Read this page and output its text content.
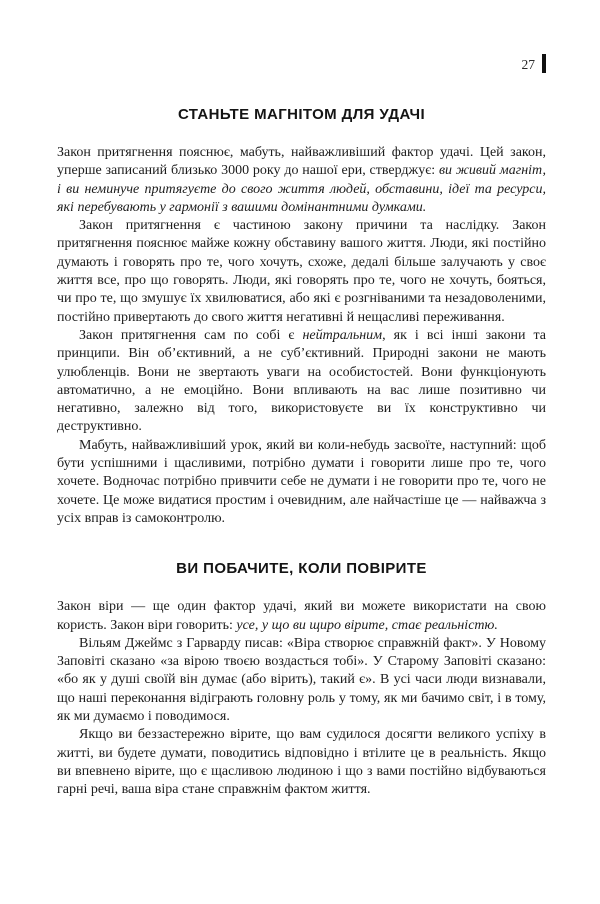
27
СТАНЬТЕ МАГНІТОМ ДЛЯ УДАЧІ

Закон притягнення пояснює, мабуть, найважливіший фактор удачі. Цей закон, уперше записаний близько 3000 року до нашої ери, стверджує: ви живий магніт, і ви неминуче притягуєте до свого життя людей, обставини, ідеї та ресурси, які перебувають у гармонії з вашими домінантними думками.

Закон притягнення є частиною закону причини та наслідку. Закон притягнення пояснює майже кожну обставину вашого життя. Люди, які постійно думають і говорять про те, чого хочуть, схоже, дедалі більше залучають у своє життя все, про що говорять. Люди, які говорять про те, чого не хочуть, бояться, чи про те, що змушує їх хвилюватися, або які є розгніваними та незадоволеними, постійно привертають до свого життя негативні й нещасливі переживання.

Закон притягнення сам по собі є нейтральним, як і всі інші закони та принципи. Він об’єктивний, а не суб’єктивний. Природні закони не мають улюбленців. Вони не звертають уваги на особистостей. Вони функціонують автоматично, а не емоційно. Вони впливають на вас лише позитивно чи негативно, залежно від того, використовуєте ви їх конструктивно чи деструктивно.

Мабуть, найважливіший урок, який ви коли-небудь засвоїте, наступний: щоб бути успішними і щасливими, потрібно думати і говорити лише про те, чого хочете. Водночас потрібно привчити себе не думати і не говорити про те, чого не хочете. Це може видатися простим і очевидним, але найчастіше це — найважча з усіх вправ із самоконтролю.

ВИ ПОБАЧИТЕ, КОЛИ ПОВІРИТЕ

Закон віри — ще один фактор удачі, який ви можете використати на свою користь. Закон віри говорить: усе, у що ви щиро вірите, стає реальністю.

Вільям Джеймс з Гарварду писав: «Віра створює справжній факт». У Новому Заповіті сказано «за вірою твоєю воздасться тобі». У Старому Заповіті сказано: «бо як у душі своїй він думає (або вірить), такий є». В усі часи люди визнавали, що наші переконання відіграють головну роль у тому, як ми бачимо світ, і в тому, як ми думаємо і поводимося.

Якщо ви беззастережно вірите, що вам судилося досягти великого успіху в житті, ви будете думати, поводитись відповідно і втілите це в реальність. Якщо ви впевнено вірите, що є щасливою людиною і що з вами постійно відбуваються гарні речі, ваша віра стане справжнім фактом життя.
